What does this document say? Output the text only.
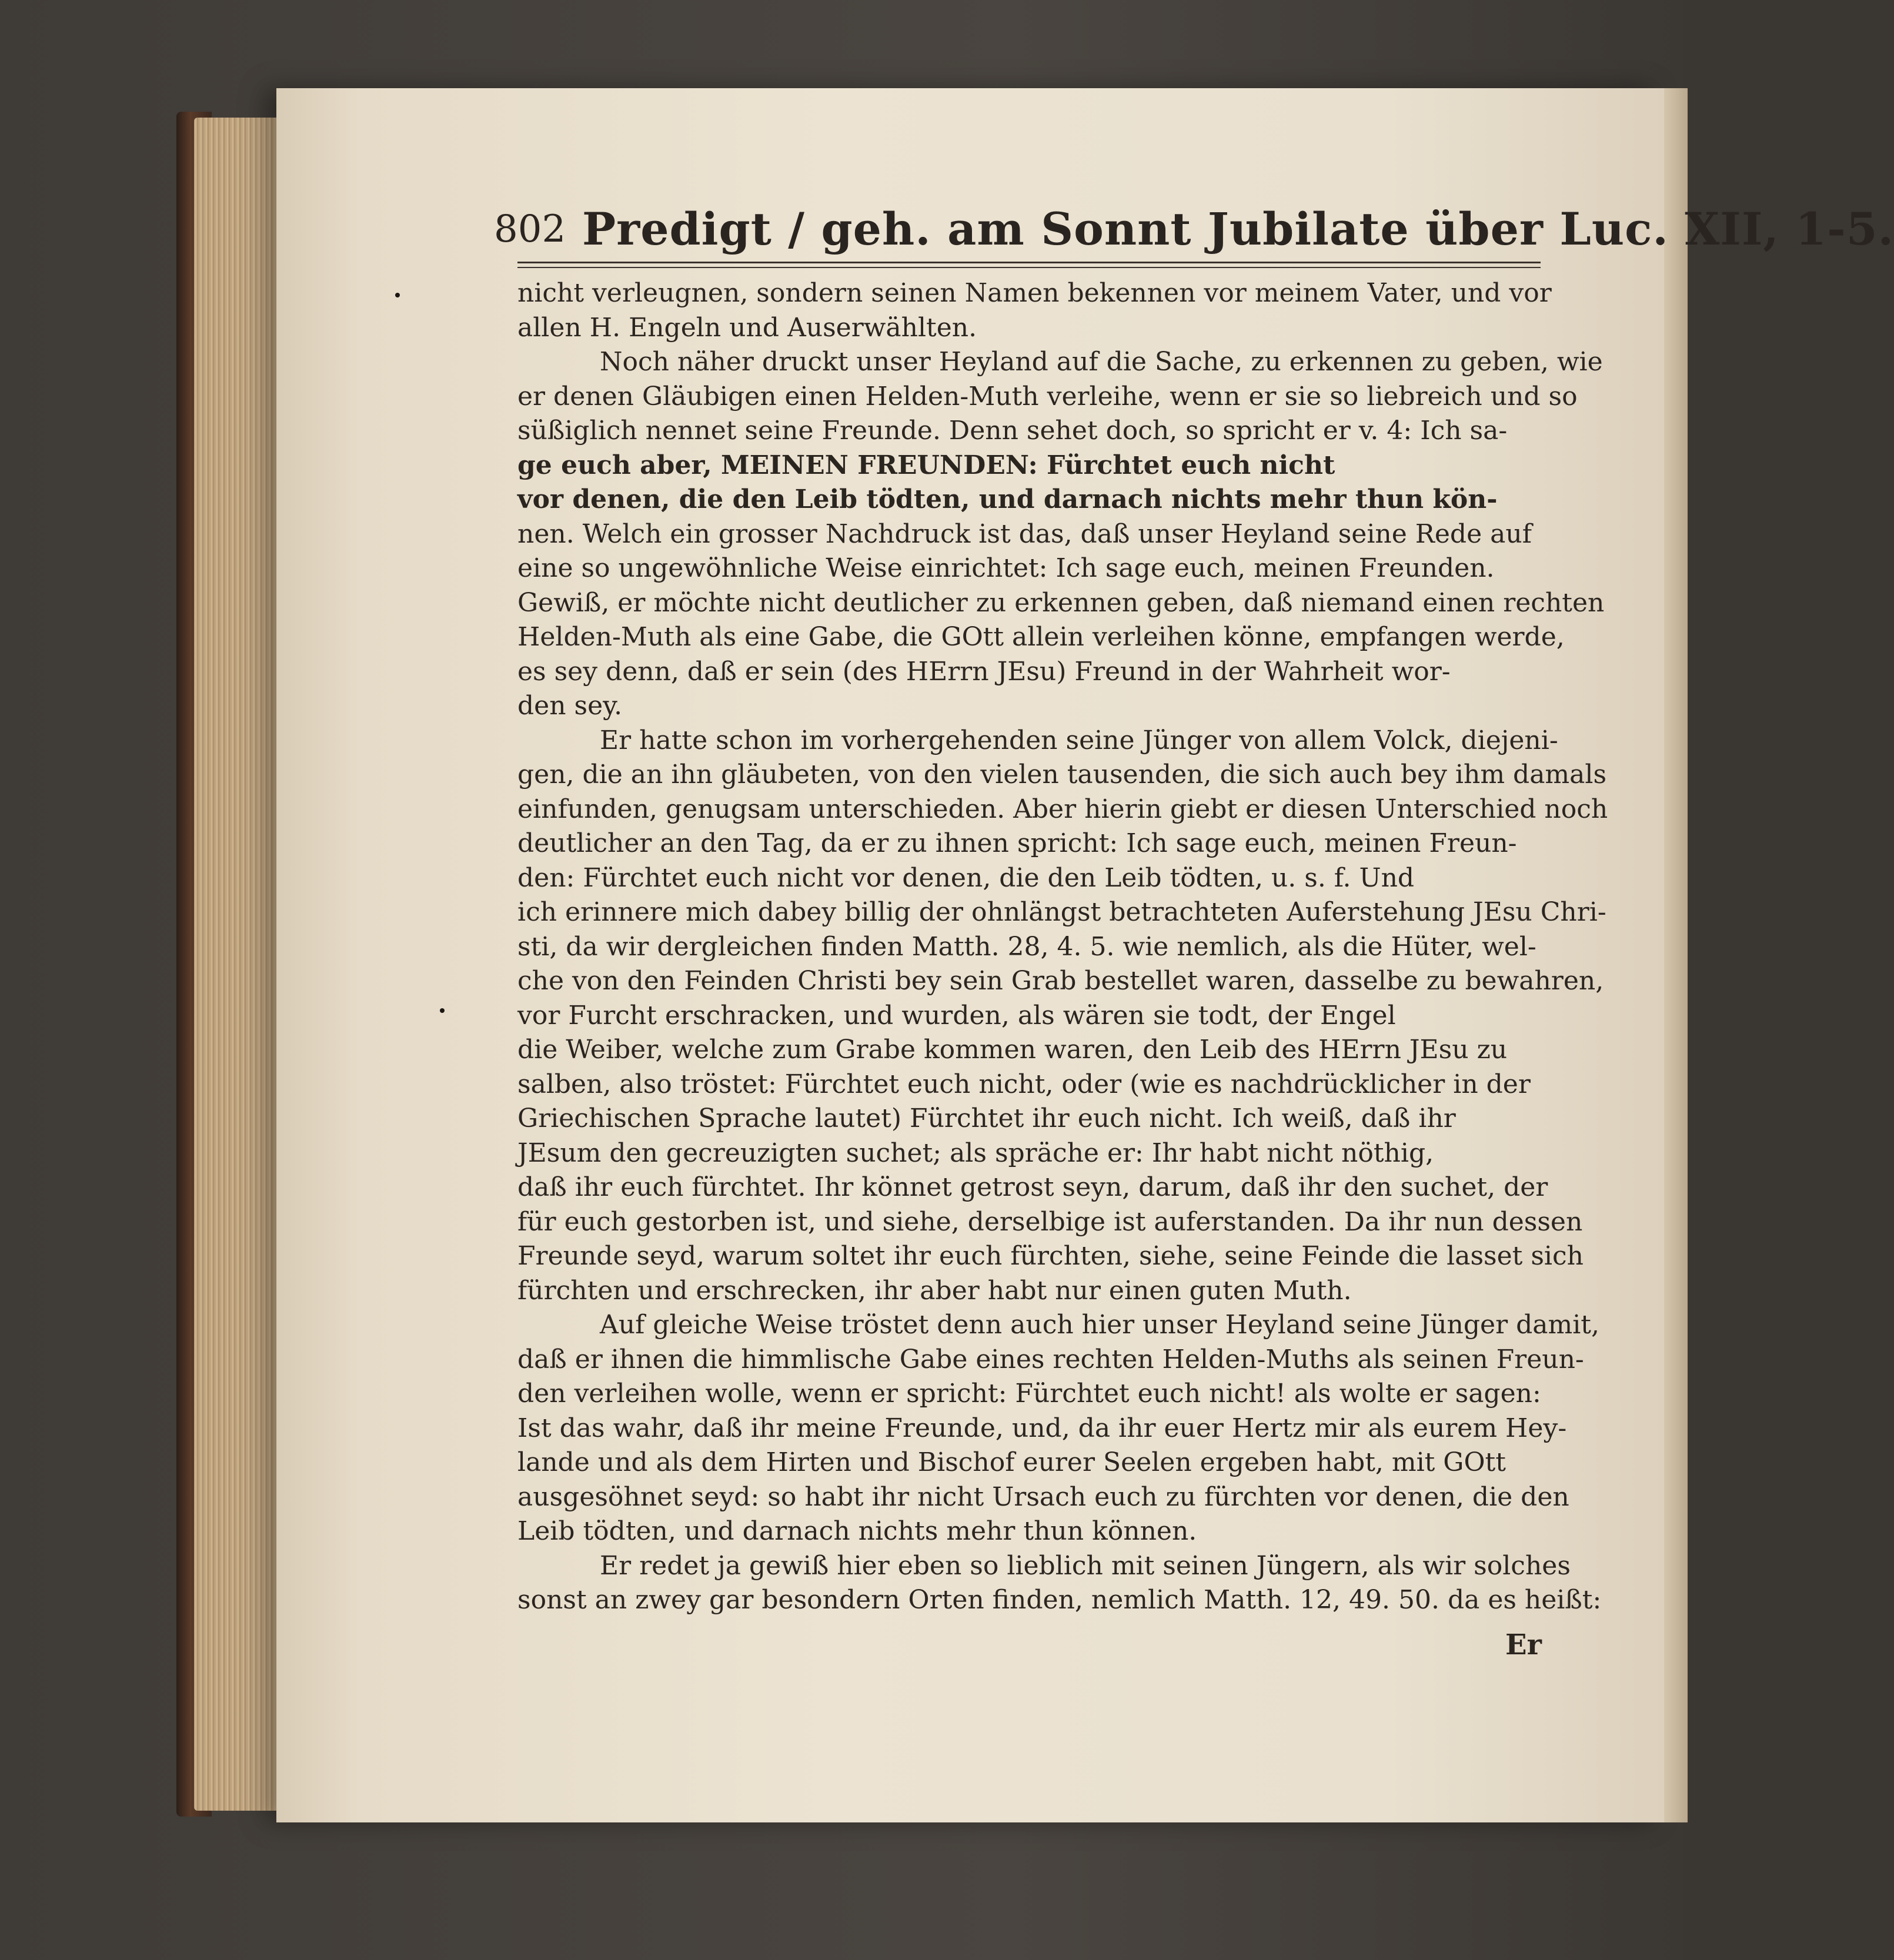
802 Predigt / geh. am Sonnt Jubilate über Luc. XII, 1-5.
nicht verleugnen, sondern seinen Namen bekennen vor meinem Vater, und vor
allen H. Engeln und Auserwählten.
Noch näher druckt unser Heyland auf die Sache, zu erkennen zu geben, wie
er denen Gläubigen einen Helden-Muth verleihe, wenn er sie so liebreich und so
süßiglich nennet seine Freunde. Denn sehet doch, so spricht er v. 4: Ich sa-
ge euch aber, MEINEN FREUNDEN: Fürchtet euch nicht
vor denen, die den Leib tödten, und darnach nichts mehr thun kön-
nen. Welch ein grosser Nachdruck ist das, daß unser Heyland seine Rede auf
eine so ungewöhnliche Weise einrichtet: Ich sage euch, meinen Freunden.
Gewiß, er möchte nicht deutlicher zu erkennen geben, daß niemand einen rechten
Helden-Muth als eine Gabe, die GOtt allein verleihen könne, empfangen werde,
es sey denn, daß er sein (des HErrn JEsu) Freund in der Wahrheit wor-
den sey.
Er hatte schon im vorhergehenden seine Jünger von allem Volck, diejeni-
gen, die an ihn gläubeten, von den vielen tausenden, die sich auch bey ihm damals
einfunden, genugsam unterschieden. Aber hierin giebt er diesen Unterschied noch
deutlicher an den Tag, da er zu ihnen spricht: Ich sage euch, meinen Freun-
den: Fürchtet euch nicht vor denen, die den Leib tödten, u. s. f. Und
ich erinnere mich dabey billig der ohnlängst betrachteten Auferstehung JEsu Chri-
sti, da wir dergleichen finden Matth. 28, 4. 5. wie nemlich, als die Hüter, wel-
che von den Feinden Christi bey sein Grab bestellet waren, dasselbe zu bewahren,
vor Furcht erschracken, und wurden, als wären sie todt, der Engel
die Weiber, welche zum Grabe kommen waren, den Leib des HErrn JEsu zu
salben, also tröstet: Fürchtet euch nicht, oder (wie es nachdrücklicher in der
Griechischen Sprache lautet) Fürchtet ihr euch nicht. Ich weiß, daß ihr
JEsum den gecreuzigten suchet; als spräche er: Ihr habt nicht nöthig,
daß ihr euch fürchtet. Ihr könnet getrost seyn, darum, daß ihr den suchet, der
für euch gestorben ist, und siehe, derselbige ist auferstanden. Da ihr nun dessen
Freunde seyd, warum soltet ihr euch fürchten, siehe, seine Feinde die lasset sich
fürchten und erschrecken, ihr aber habt nur einen guten Muth.
Auf gleiche Weise tröstet denn auch hier unser Heyland seine Jünger damit,
daß er ihnen die himmlische Gabe eines rechten Helden-Muths als seinen Freun-
den verleihen wolle, wenn er spricht: Fürchtet euch nicht! als wolte er sagen:
Ist das wahr, daß ihr meine Freunde, und, da ihr euer Hertz mir als eurem Hey-
lande und als dem Hirten und Bischof eurer Seelen ergeben habt, mit GOtt
ausgesöhnet seyd: so habt ihr nicht Ursach euch zu fürchten vor denen, die den
Leib tödten, und darnach nichts mehr thun können.
Er redet ja gewiß hier eben so lieblich mit seinen Jüngern, als wir solches
sonst an zwey gar besondern Orten finden, nemlich Matth. 12, 49. 50. da es heißt:
Er
